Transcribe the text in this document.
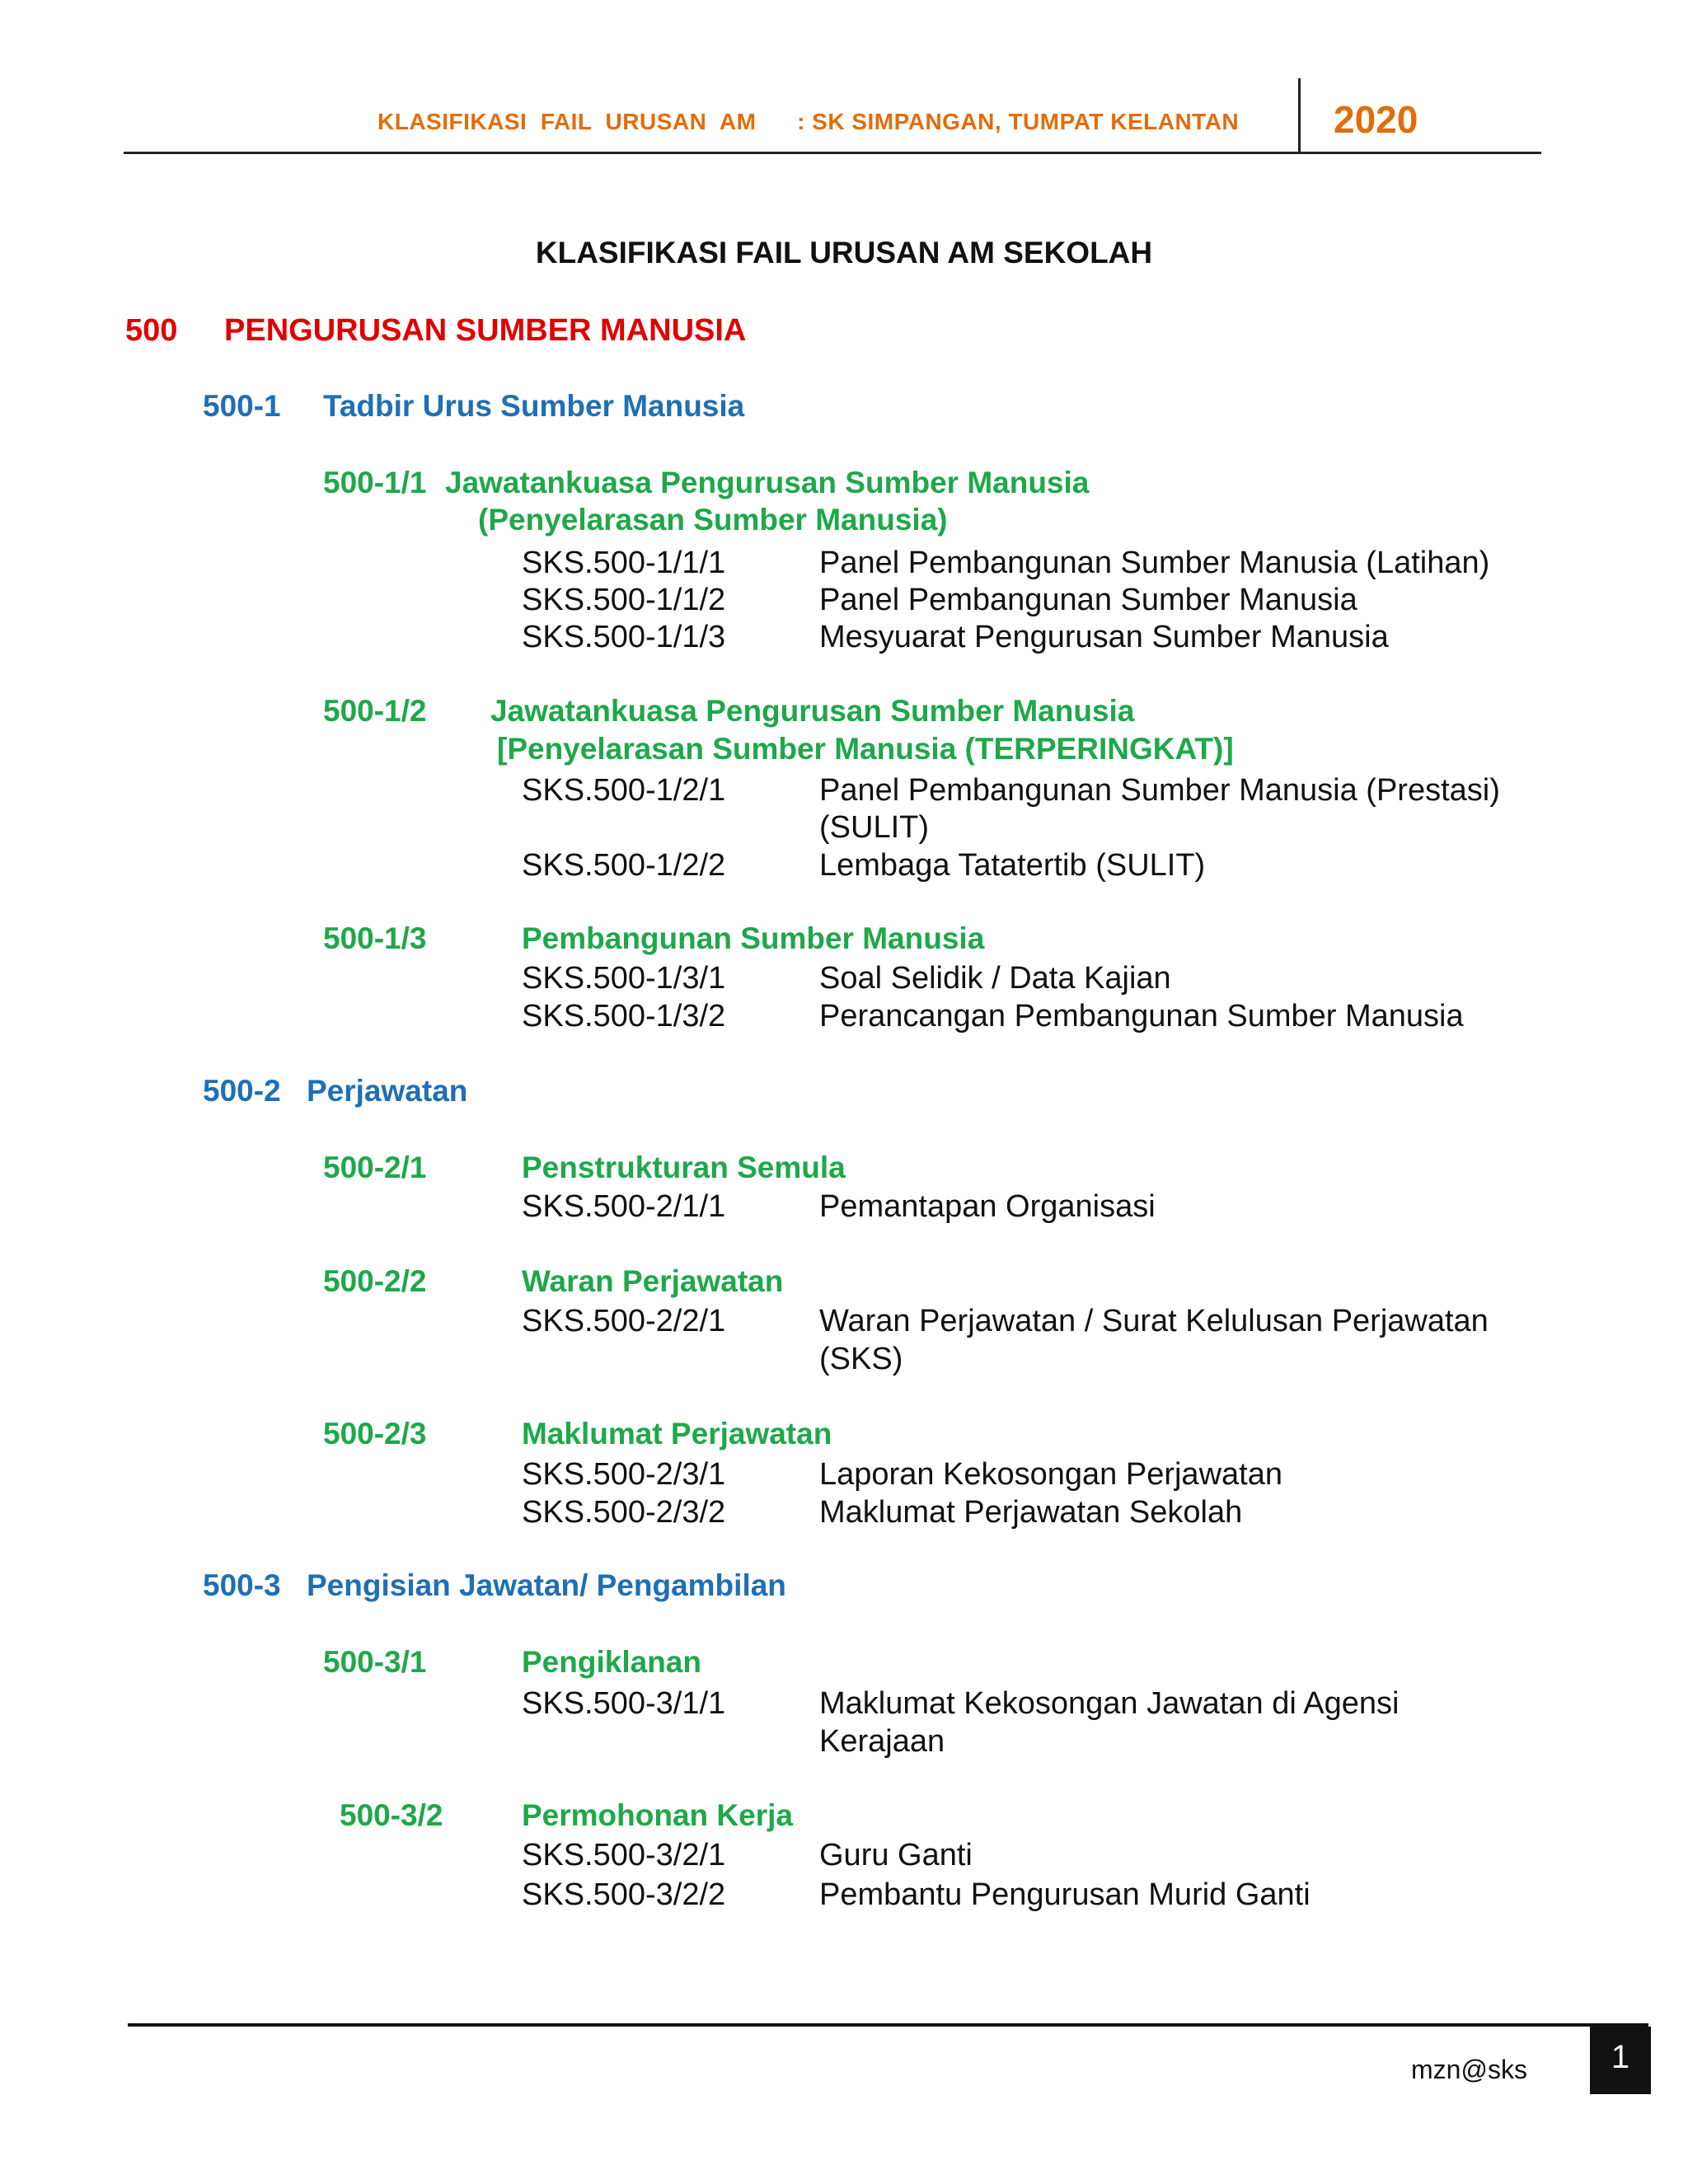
KLASIFIKASI  FAIL  URUSAN  AM      : SK SIMPANGAN, TUMPAT KELANTAN	2020
KLASIFIKASI FAIL URUSAN AM SEKOLAH
500 PENGURUSAN SUMBER MANUSIA
500-1 Tadbir Urus Sumber Manusia
500-1/1 Jawatankuasa Pengurusan Sumber Manusia
(Penyelarasan Sumber Manusia)
SKS.500-1/1/1	Panel Pembangunan Sumber Manusia (Latihan)
SKS.500-1/1/2	Panel Pembangunan Sumber Manusia
SKS.500-1/1/3	Mesyuarat Pengurusan Sumber Manusia
500-1/2 Jawatankuasa Pengurusan Sumber Manusia
[Penyelarasan Sumber Manusia (TERPERINGKAT)]
SKS.500-1/2/1	Panel Pembangunan Sumber Manusia (Prestasi)
(SULIT)
SKS.500-1/2/2	Lembaga Tatatertib (SULIT)
500-1/3	Pembangunan Sumber Manusia
SKS.500-1/3/1	Soal Selidik / Data Kajian
SKS.500-1/3/2	Perancangan Pembangunan Sumber Manusia
500-2 Perjawatan
500-2/1	Penstrukturan Semula
SKS.500-2/1/1	Pemantapan Organisasi
500-2/2	Waran Perjawatan
SKS.500-2/2/1	Waran Perjawatan / Surat Kelulusan Perjawatan
(SKS)
500-2/3	Maklumat Perjawatan
SKS.500-2/3/1	Laporan Kekosongan Perjawatan
SKS.500-2/3/2	Maklumat Perjawatan Sekolah
500-3 Pengisian Jawatan/ Pengambilan
500-3/1	Pengiklanan
SKS.500-3/1/1	Maklumat Kekosongan Jawatan di Agensi
Kerajaan
500-3/2	Permohonan Kerja
SKS.500-3/2/1	Guru Ganti
SKS.500-3/2/2	Pembantu Pengurusan Murid Ganti
mzn@sks	1
